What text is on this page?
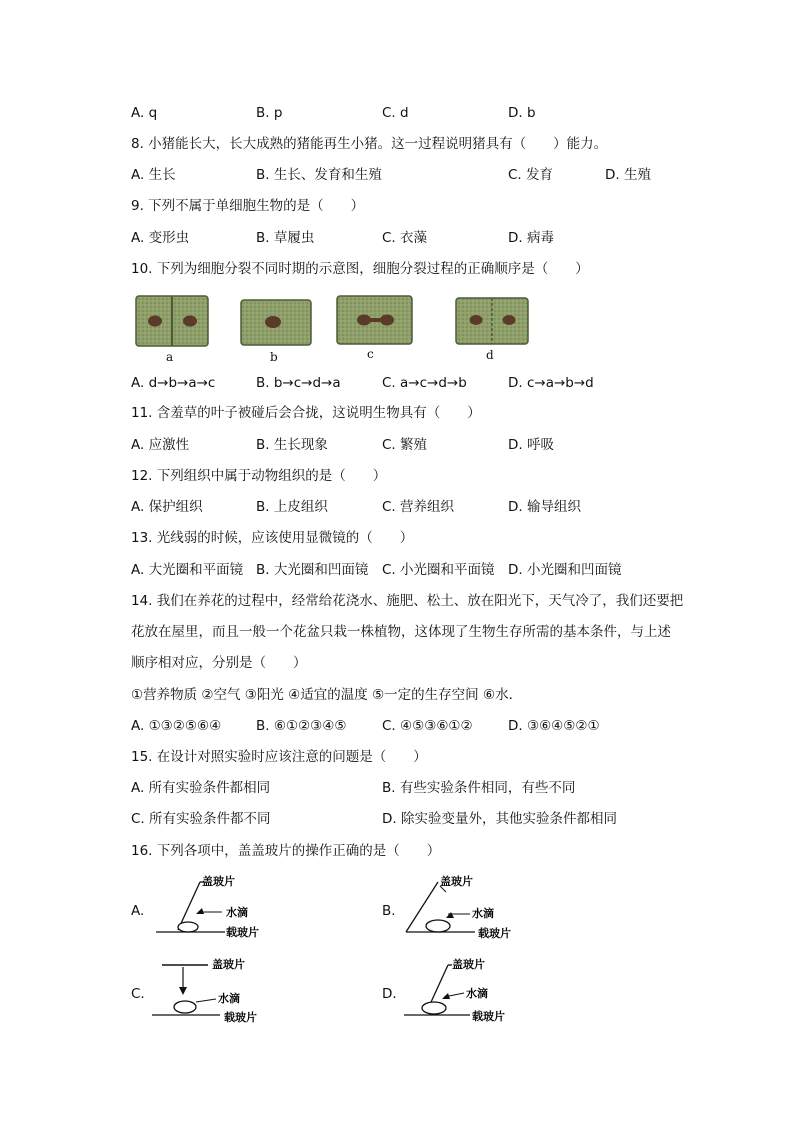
A. q	B. p	C. d	D. b
8. 小猪能长大，长大成熟的猪能再生小猪。这一过程说明猪具有（　　）能力。
A. 生长	B. 生长、发育和生殖	C. 发育	D. 生殖
9. 下列不属于单细胞生物的是（　　）
A. 变形虫	B. 草履虫	C. 衣藻	D. 病毒
10. 下列为细胞分裂不同时期的示意图，细胞分裂过程的正确顺序是（　　）
a	b	c	d
A. d→b→a→c	B. b→c→d→a	C. a→c→d→b	D. c→a→b→d
11. 含羞草的叶子被碰后会合拢，这说明生物具有（　　）
A. 应激性	B. 生长现象	C. 繁殖	D. 呼吸
12. 下列组织中属于动物组织的是（　　）
A. 保护组织	B. 上皮组织	C. 营养组织	D. 输导组织
13. 光线弱的时候，应该使用显微镜的（　　）
A. 大光圈和平面镜 B. 大光圈和凹面镜 C. 小光圈和平面镜 D. 小光圈和凹面镜
14. 我们在养花的过程中，经常给花浇水、施肥、松土、放在阳光下，天气冷了，我们还要把
花放在屋里，而且一般一个花盆只栽一株植物，这体现了生物生存所需的基本条件，与上述
顺序相对应，分别是（　　）
①营养物质 ②空气 ③阳光 ④适宜的温度 ⑤一定的生存空间 ⑥水．
A. ①③②⑤⑥④	B. ⑥①②③④⑤	C. ④⑤③⑥①②	D. ③⑥④⑤②①
15. 在设计对照实验时应该注意的问题是（　　）
A. 所有实验条件都相同	B. 有些实验条件相同，有些不同
C. 所有实验条件都不同	D. 除实验变量外，其他实验条件都相同
16. 下列各项中，盖盖玻片的操作正确的是（　　）
A.
盖玻片
水滴
载玻片
B.
盖玻片
水滴
载玻片
C.
盖玻片
水滴
载玻片
D.
盖玻片
水滴
载玻片
